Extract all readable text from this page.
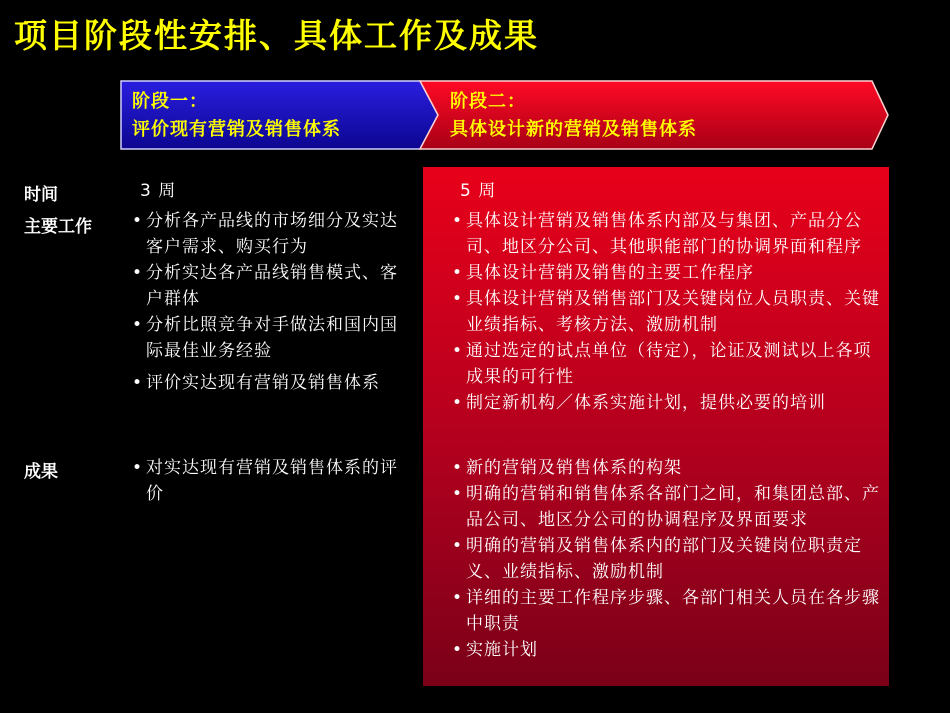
项目阶段性安排、具体工作及成果
阶段一：
评价现有营销及销售体系
阶段二：
具体设计新的营销及销售体系
时间
主要工作
成果
3 周
• 分析各产品线的市场细分及实达客户需求、购买行为
• 分析实达各产品线销售模式、客户群体
• 分析比照竞争对手做法和国内国际最佳业务经验
• 评价实达现有营销及销售体系
• 对实达现有营销及销售体系的评价
5 周
• 具体设计营销及销售体系内部及与集团、产品分公司、地区分公司、其他职能部门的协调界面和程序
• 具体设计营销及销售的主要工作程序
• 具体设计营销及销售部门及关键岗位人员职责、关键业绩指标、考核方法、激励机制
• 通过选定的试点单位（待定），论证及测试以上各项成果的可行性
• 制定新机构／体系实施计划，提供必要的培训
• 新的营销及销售体系的构架
• 明确的营销和销售体系各部门之间，和集团总部、产品公司、地区分公司的协调程序及界面要求
• 明确的营销及销售体系内的部门及关键岗位职责定义、业绩指标、激励机制
• 详细的主要工作程序步骤、各部门相关人员在各步骤中职责
• 实施计划
